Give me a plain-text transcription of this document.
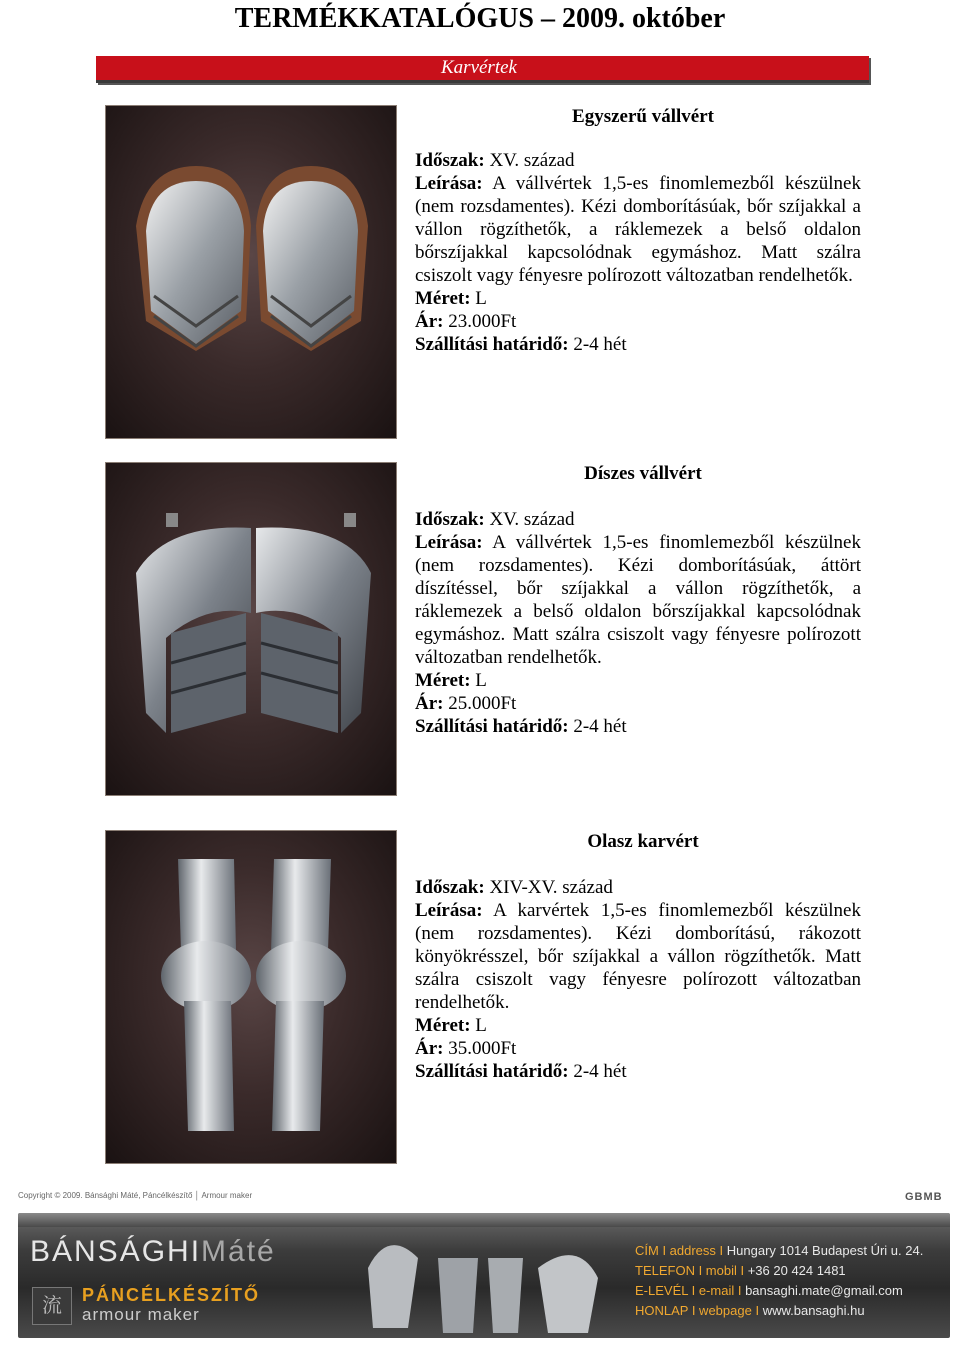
TERMÉKKATALÓGUS – 2009. október
Karvértek
Egyszerű vállvért
Időszak: XV. század
Leírása: A vállvértek 1,5-es finomlemezből készülnek (nem rozsdamentes). Kézi domborításúak, bőr szíjakkal a vállon rögzíthetők, a ráklemezek a belső oldalon bőrszíjakkal kapcsolódnak egymáshoz. Matt szálra csiszolt vagy fényesre polírozott változatban rendelhetők.
Méret: L
Ár: 23.000Ft
Szállítási határidő: 2-4 hét
Díszes vállvért
Időszak: XV. század
Leírása: A vállvértek 1,5-es finomlemezből készülnek (nem rozsdamentes). Kézi domborításúak, áttört díszítéssel, bőr szíjakkal a vállon rögzíthetők, a ráklemezek a belső oldalon bőrszíjakkal kapcsolódnak egymáshoz. Matt szálra csiszolt vagy fényesre polírozott változatban rendelhetők.
Méret: L
Ár: 25.000Ft
Szállítási határidő: 2-4 hét
Olasz karvért
Időszak: XIV-XV. század
Leírása: A karvértek 1,5-es finomlemezből készülnek (nem rozsdamentes). Kézi domborítású, rákozott könyökrésszel, bőr szíjakkal a vállon rögzíthetők. Matt szálra csiszolt vagy fényesre polírozott változatban rendelhetők.
Méret: L
Ár: 35.000Ft
Szállítási határidő: 2-4 hét
Copyright © 2009. Bánsághi Máté, Páncélkészítő │ Armour maker	GBMB
BÁNSÁGHIMáté
流	PÁNCÉLKÉSZÍTŐ
armour maker
CÍM I address I Hungary 1014 Budapest Úri u. 24.
TELEFON I mobil I +36 20 424 1481
E-LEVÉL I e-mail I bansaghi.mate@gmail.com
HONLAP I webpage I www.bansaghi.hu
